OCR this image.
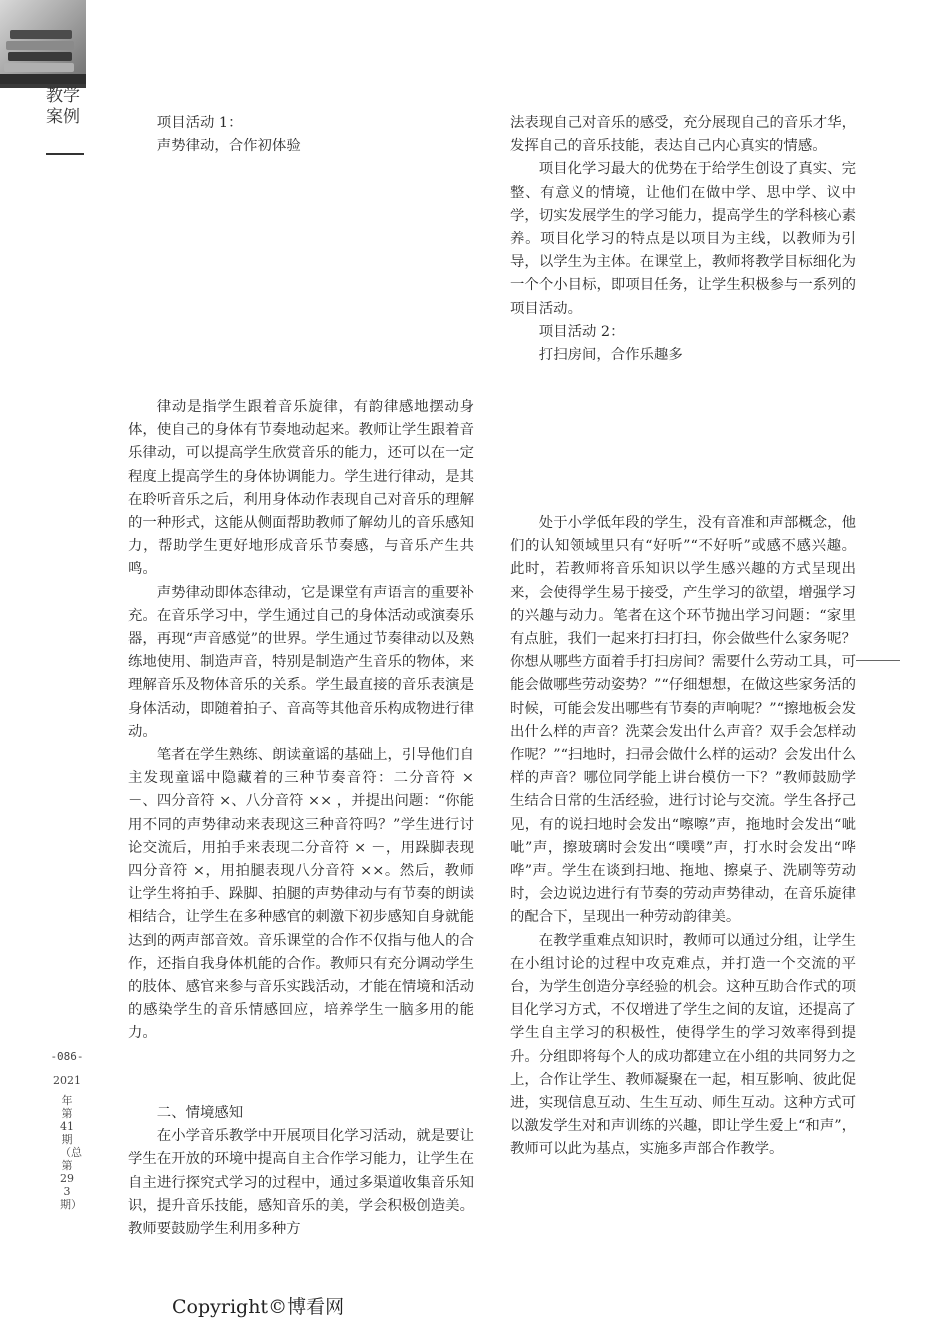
教学案例
-086-
2021
年第41期（总第293期）
项目活动 1：
声势律动，合作初体验

律动是指学生跟着音乐旋律，有韵律感地摆动身体，使自己的身体有节奏地动起来。教师让学生跟着音乐律动，可以提高学生欣赏音乐的能力，还可以在一定程度上提高学生的身体协调能力。学生进行律动，是其在聆听音乐之后，利用身体动作表现自己对音乐的理解的一种形式，这能从侧面帮助教师了解幼儿的音乐感知力，帮助学生更好地形成音乐节奏感，与音乐产生共鸣。

声势律动即体态律动，它是课堂有声语言的重要补充。在音乐学习中，学生通过自己的身体活动或演奏乐器，再现“声音感觉”的世界。学生通过节奏律动以及熟练地使用、制造声音，特别是制造产生音乐的物体，来理解音乐及物体音乐的关系。学生最直接的音乐表演是身体活动，即随着拍子、音高等其他音乐构成物进行律动。

笔者在学生熟练、朗读童谣的基础上，引导他们自主发现童谣中隐藏着的三种节奏音符：二分音符 × －、四分音符 ×、八分音符 ×× ，并提出问题：“你能用不同的声势律动来表现这三种音符吗？”学生进行讨论交流后，用拍手来表现二分音符 × －，用跺脚表现四分音符 ×，用拍腿表现八分音符 ××。然后，教师让学生将拍手、跺脚、拍腿的声势律动与有节奏的朗读相结合，让学生在多种感官的刺激下初步感知自身就能达到的两声部音效。音乐课堂的合作不仅指与他人的合作，还指自我身体机能的合作。教师只有充分调动学生的肢体、感官来参与音乐实践活动，才能在情境和活动的感染学生的音乐情感回应，培养学生一脑多用的能力。

二、情境感知

在小学音乐教学中开展项目化学习活动，就是要让学生在开放的环境中提高自主合作学习能力，让学生在自主进行探究式学习的过程中，通过多渠道收集音乐知识，提升音乐技能，感知音乐的美，学会积极创造美。教师要鼓励学生利用多种方

法表现自己对音乐的感受，充分展现自己的音乐才华，发挥自己的音乐技能，表达自己内心真实的情感。

项目化学习最大的优势在于给学生创设了真实、完整、有意义的情境，让他们在做中学、思中学、议中学，切实发展学生的学习能力，提高学生的学科核心素养。项目化学习的特点是以项目为主线，以教师为引导，以学生为主体。在课堂上，教师将教学目标细化为一个个小目标，即项目任务，让学生积极参与一系列的项目活动。

项目活动 2：
打扫房间，合作乐趣多

处于小学低年段的学生，没有音准和声部概念，他们的认知领域里只有“好听”“不好听”或感不感兴趣。此时，若教师将音乐知识以学生感兴趣的方式呈现出来，会使得学生易于接受，产生学习的欲望，增强学习的兴趣与动力。笔者在这个环节抛出学习问题：“家里有点脏，我们一起来打扫打扫，你会做些什么家务呢？你想从哪些方面着手打扫房间？需要什么劳动工具，可能会做哪些劳动姿势？”“仔细想想，在做这些家务活的时候，可能会发出哪些有节奏的声响呢？”“擦地板会发出什么样的声音？洗菜会发出什么声音？双手会怎样动作呢？”“扫地时，扫帚会做什么样的运动？会发出什么样的声音？哪位同学能上讲台模仿一下？”教师鼓励学生结合日常的生活经验，进行讨论与交流。学生各抒己见，有的说扫地时会发出“嚓嚓”声，拖地时会发出“呲呲”声，擦玻璃时会发出“噗噗”声，打水时会发出“哗哗”声。学生在谈到扫地、拖地、擦桌子、洗刷等劳动时，会边说边进行有节奏的劳动声势律动，在音乐旋律的配合下，呈现出一种劳动韵律美。

在教学重难点知识时，教师可以通过分组，让学生在小组讨论的过程中攻克难点，并打造一个交流的平台，为学生创造分享经验的机会。这种互助合作式的项目化学习方式，不仅增进了学生之间的友谊，还提高了学生自主学习的积极性，使得学生的学习效率得到提升。分组即将每个人的成功都建立在小组的共同努力之上，合作让学生、教师凝聚在一起，相互影响、彼此促进，实现信息互动、生生互动、师生互动。这种方式可以激发学生对和声训练的兴趣，即让学生爱上“和声”，教师可以此为基点，实施多声部合作教学。

Copyright©博看网
